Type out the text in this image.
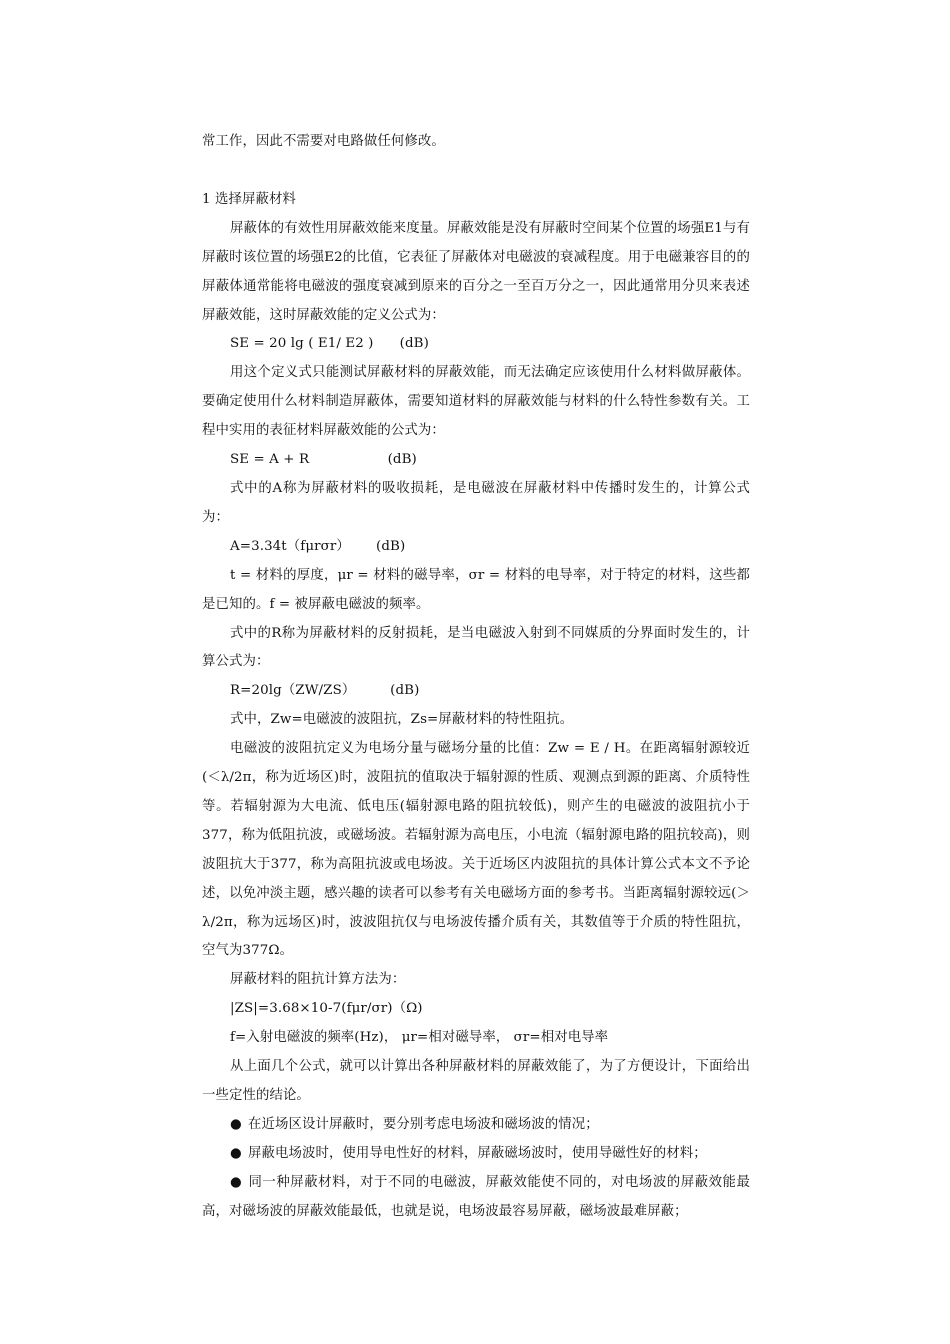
常工作，因此不需要对电路做任何修改。

1 选择屏蔽材料

屏蔽体的有效性用屏蔽效能来度量。屏蔽效能是没有屏蔽时空间某个位置的场强E1与有屏蔽时该位置的场强E2的比值，它表征了屏蔽体对电磁波的衰减程度。用于电磁兼容目的的屏蔽体通常能将电磁波的强度衰减到原来的百分之一至百万分之一，因此通常用分贝来表述屏蔽效能，这时屏蔽效能的定义公式为：

SE = 20 lg ( E1/ E2 )      (dB)

用这个定义式只能测试屏蔽材料的屏蔽效能，而无法确定应该使用什么材料做屏蔽体。要确定使用什么材料制造屏蔽体，需要知道材料的屏蔽效能与材料的什么特性参数有关。工程中实用的表征材料屏蔽效能的公式为：

SE = A + R                  (dB)

式中的A称为屏蔽材料的吸收损耗，是电磁波在屏蔽材料中传播时发生的，计算公式为：

A=3.34t（fμrσr）      (dB)

t = 材料的厚度，μr = 材料的磁导率，σr = 材料的电导率，对于特定的材料，这些都是已知的。f = 被屏蔽电磁波的频率。

式中的R称为屏蔽材料的反射损耗，是当电磁波入射到不同媒质的分界面时发生的，计算公式为：

R=20lg（ZW/ZS）        (dB)

式中，Zw=电磁波的波阻抗，Zs=屏蔽材料的特性阻抗。

电磁波的波阻抗定义为电场分量与磁场分量的比值：Zw = E / H。在距离辐射源较近(＜λ/2π，称为近场区)时，波阻抗的值取决于辐射源的性质、观测点到源的距离、介质特性等。若辐射源为大电流、低电压(辐射源电路的阻抗较低)，则产生的电磁波的波阻抗小于377，称为低阻抗波，或磁场波。若辐射源为高电压，小电流（辐射源电路的阻抗较高)，则波阻抗大于377，称为高阻抗波或电场波。关于近场区内波阻抗的具体计算公式本文不予论述，以免冲淡主题，感兴趣的读者可以参考有关电磁场方面的参考书。当距离辐射源较远(＞λ/2π，称为远场区)时，波波阻抗仅与电场波传播介质有关，其数值等于介质的特性阻抗，空气为377Ω。

屏蔽材料的阻抗计算方法为：

|ZS|=3.68×10-7(fμr/σr)（Ω)

f=入射电磁波的频率(Hz)， μr=相对磁导率， σr=相对电导率

从上面几个公式，就可以计算出各种屏蔽材料的屏蔽效能了，为了方便设计，下面给出一些定性的结论。

● 在近场区设计屏蔽时，要分别考虑电场波和磁场波的情况；

● 屏蔽电场波时，使用导电性好的材料，屏蔽磁场波时，使用导磁性好的材料；

● 同一种屏蔽材料，对于不同的电磁波，屏蔽效能使不同的，对电场波的屏蔽效能最高，对磁场波的屏蔽效能最低，也就是说，电场波最容易屏蔽，磁场波最难屏蔽；
